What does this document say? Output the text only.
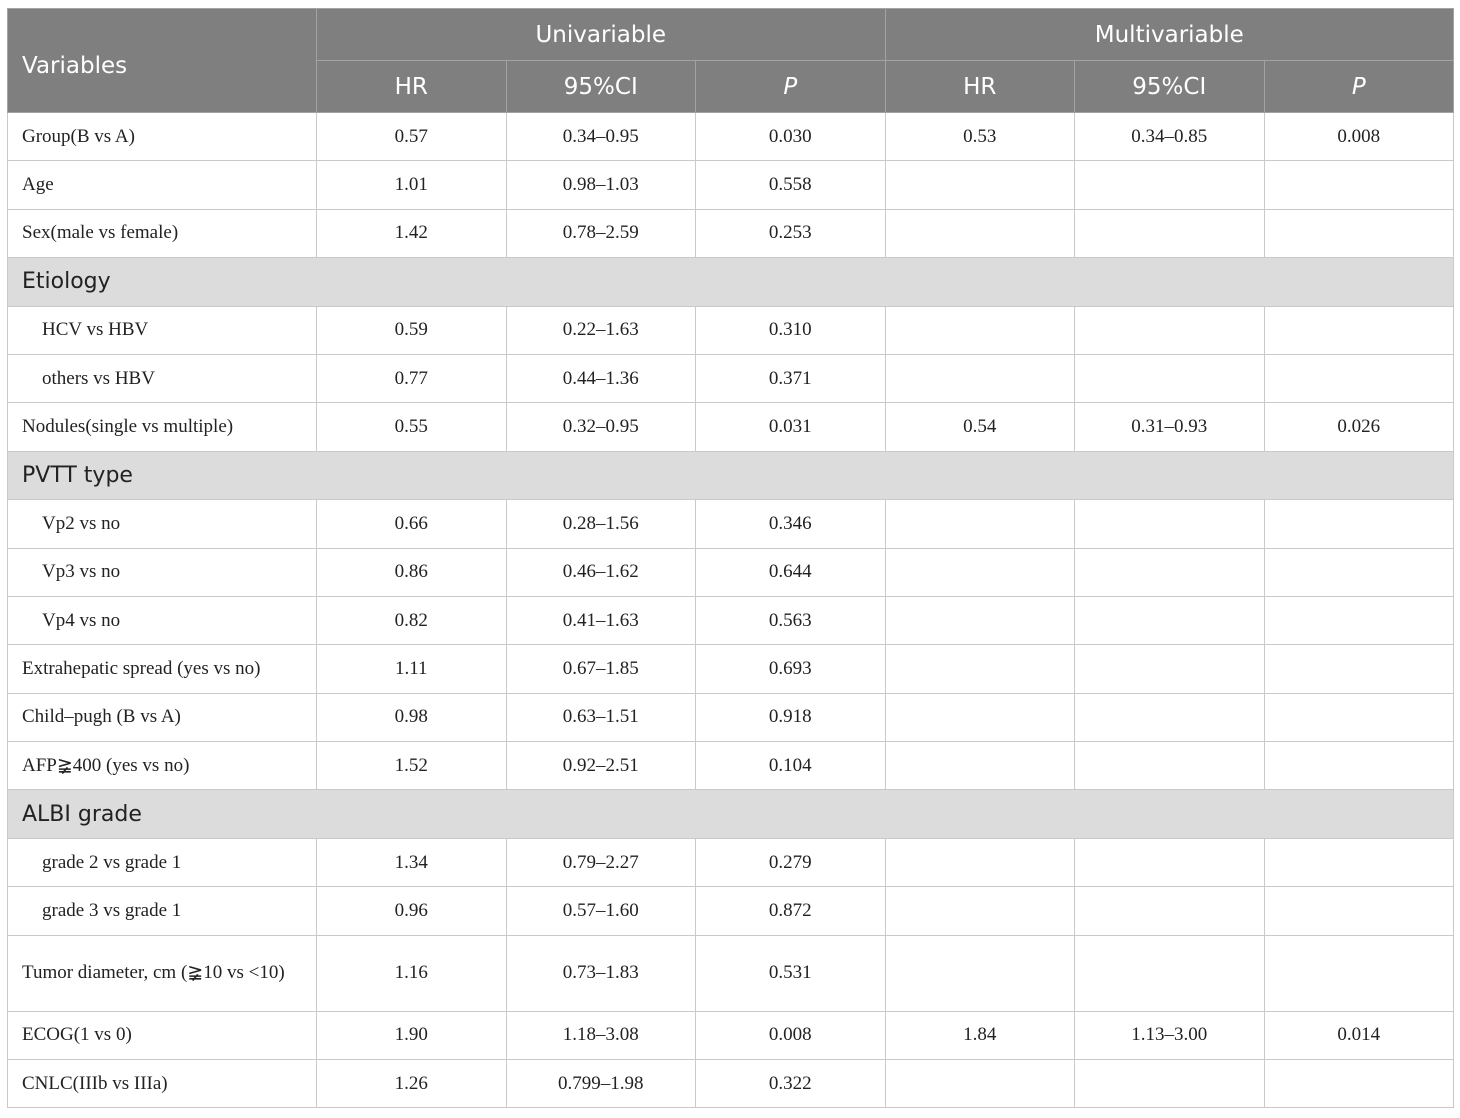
Variables	Univariable			Multivariable		
	HR	95%CI	P	HR	95%CI	P
Group(B vs A)	0.57	0.34–0.95	0.030	0.53	0.34–0.85	0.008
Age	1.01	0.98–1.03	0.558			
Sex(male vs female)	1.42	0.78–2.59	0.253			
Etiology						
HCV vs HBV	0.59	0.22–1.63	0.310			
others vs HBV	0.77	0.44–1.36	0.371			
Nodules(single vs multiple)	0.55	0.32–0.95	0.031	0.54	0.31–0.93	0.026
PVTT type						
Vp2 vs no	0.66	0.28–1.56	0.346			
Vp3 vs no	0.86	0.46–1.62	0.644			
Vp4 vs no	0.82	0.41–1.63	0.563			
Extrahepatic spread (yes vs no)	1.11	0.67–1.85	0.693			
Child–pugh (B vs A)	0.98	0.63–1.51	0.918			
AFP≩400 (yes vs no)	1.52	0.92–2.51	0.104			
ALBI grade						
grade 2 vs grade 1	1.34	0.79–2.27	0.279			
grade 3 vs grade 1	0.96	0.57–1.60	0.872			
Tumor diameter, cm (≩10 vs <10)	1.16	0.73–1.83	0.531			
ECOG(1 vs 0)	1.90	1.18–3.08	0.008	1.84	1.13–3.00	0.014
CNLC(IIIb vs IIIa)	1.26	0.799–1.98	0.322			
